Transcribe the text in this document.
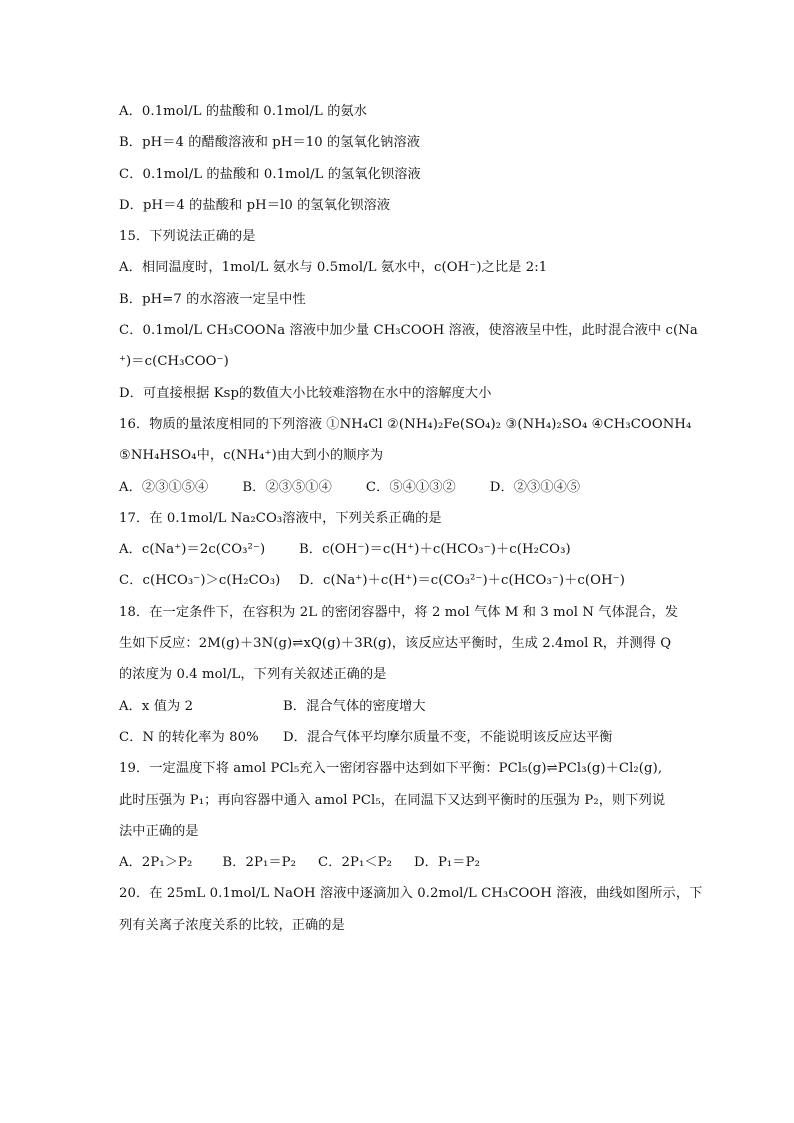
A．0.1mol/L 的盐酸和 0.1mol/L 的氨水
B．pH＝4 的醋酸溶液和 pH＝10 的氢氧化钠溶液
C．0.1mol/L 的盐酸和 0.1mol/L 的氢氧化钡溶液
D．pH＝4 的盐酸和 pH＝l0 的氢氧化钡溶液
15．下列说法正确的是
A．相同温度时，1mol/L 氨水与 0.5mol/L 氨水中，c(OH⁻)之比是 2:1
B．pH=7 的水溶液一定呈中性
C．0.1mol/L CH₃COONa 溶液中加少量 CH₃COOH 溶液，使溶液呈中性，此时混合液中 c(Na
⁺)＝c(CH₃COO⁻)
D．可直接根据 Ksp的数值大小比较难溶物在水中的溶解度大小
16．物质的量浓度相同的下列溶液 ①NH₄Cl ②(NH₄)₂Fe(SO₄)₂ ③(NH₄)₂SO₄ ④CH₃COONH₄
⑤NH₄HSO₄中，c(NH₄⁺)由大到小的顺序为
A．②③①⑤④	B．②③⑤①④	C．⑤④①③②	D．②③①④⑤
17．在 0.1mol/L Na₂CO₃溶液中，下列关系正确的是
A．c(Na⁺)＝2c(CO₃²⁻)	B．c(OH⁻)＝c(H⁺)＋c(HCO₃⁻)＋c(H₂CO₃)
C．c(HCO₃⁻)＞c(H₂CO₃)	D．c(Na⁺)＋c(H⁺)＝c(CO₃²⁻)＋c(HCO₃⁻)＋c(OH⁻)
18．在一定条件下，在容积为 2L 的密闭容器中，将 2 mol 气体 M 和 3 mol N 气体混合，发
生如下反应：2M(g)＋3N(g)⇌xQ(g)＋3R(g)，该反应达平衡时，生成 2.4mol R，并测得 Q
的浓度为 0.4 mol/L，下列有关叙述正确的是
A．x 值为 2	B．混合气体的密度增大
C．N 的转化率为 80%	D．混合气体平均摩尔质量不变，不能说明该反应达平衡
19．一定温度下将 amol PCl₅充入一密闭容器中达到如下平衡：PCl₅(g)⇌PCl₃(g)＋Cl₂(g),
此时压强为 P₁；再向容器中通入 amol PCl₅，在同温下又达到平衡时的压强为 P₂，则下列说
法中正确的是
A．2P₁＞P₂ B．2P₁＝P₂ C．2P₁＜P₂ D．P₁＝P₂
20．在 25mL 0.1mol/L NaOH 溶液中逐滴加入 0.2mol/L CH₃COOH 溶液，曲线如图所示，下
列有关离子浓度关系的比较，正确的是
